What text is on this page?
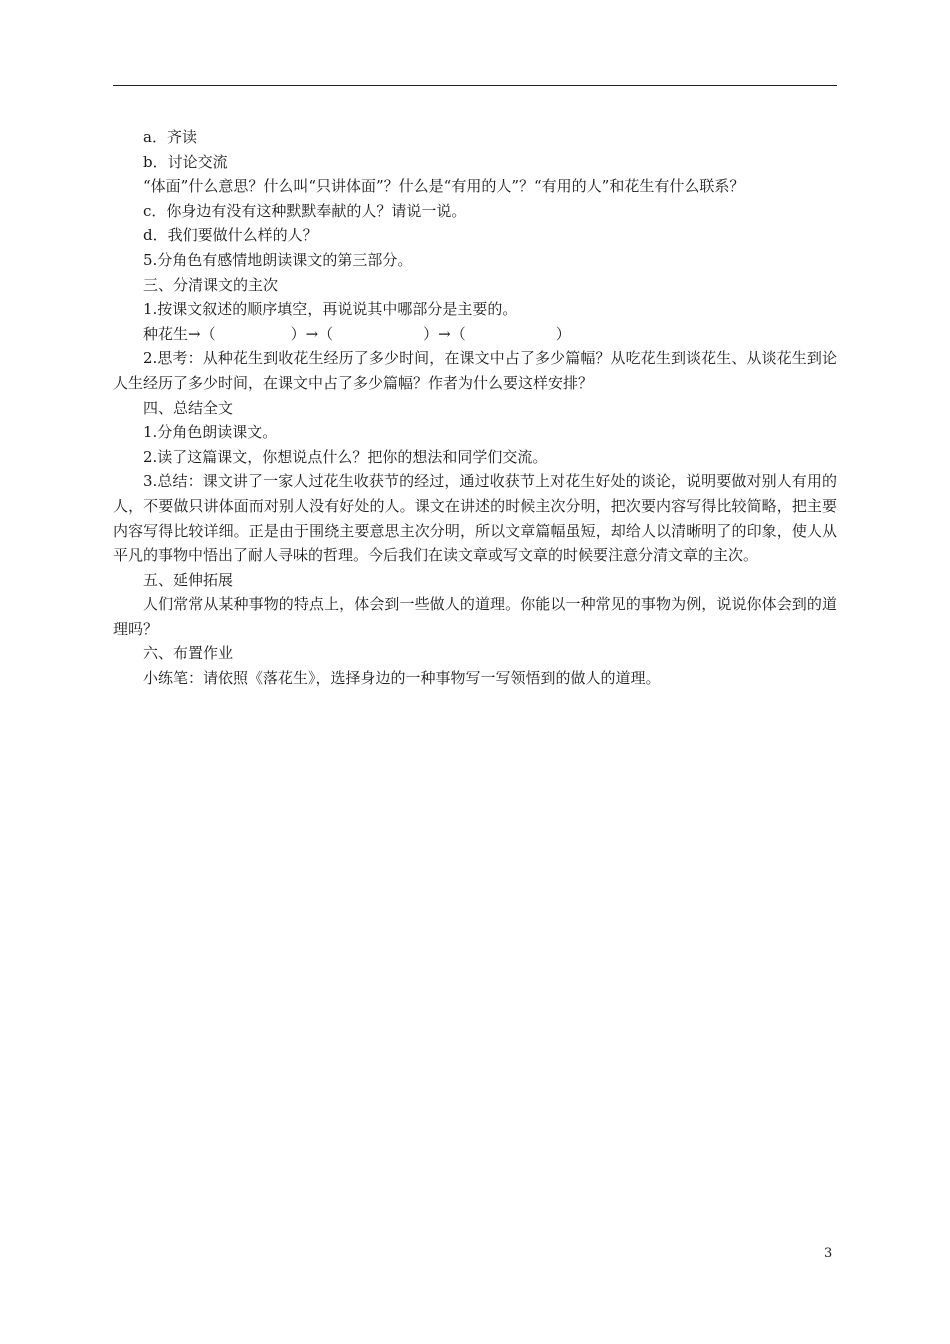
a．齐读

b．讨论交流

“体面”什么意思？什么叫“只讲体面”？什么是“有用的人”？“有用的人”和花生有什么联系？

c．你身边有没有这种默默奉献的人？请说一说。

d．我们要做什么样的人？

5.分角色有感情地朗读课文的第三部分。

三、分清课文的主次

1.按课文叙述的顺序填空，再说说其中哪部分是主要的。

种花生→（　　　　　）→（　　　　　　）→（　　　　　　）

2.思考：从种花生到收花生经历了多少时间，在课文中占了多少篇幅？从吃花生到谈花生、从谈花生到论人生经历了多少时间，在课文中占了多少篇幅？作者为什么要这样安排？

四、总结全文

1.分角色朗读课文。

2.读了这篇课文，你想说点什么？把你的想法和同学们交流。

3.总结：课文讲了一家人过花生收获节的经过，通过收获节上对花生好处的谈论，说明要做对别人有用的人，不要做只讲体面而对别人没有好处的人。课文在讲述的时候主次分明，把次要内容写得比较简略，把主要内容写得比较详细。正是由于围绕主要意思主次分明，所以文章篇幅虽短，却给人以清晰明了的印象，使人从平凡的事物中悟出了耐人寻味的哲理。今后我们在读文章或写文章的时候要注意分清文章的主次。

五、延伸拓展

人们常常从某种事物的特点上，体会到一些做人的道理。你能以一种常见的事物为例，说说你体会到的道理吗？

六、布置作业

小练笔：请依照《落花生》，选择身边的一种事物写一写领悟到的做人的道理。

3
